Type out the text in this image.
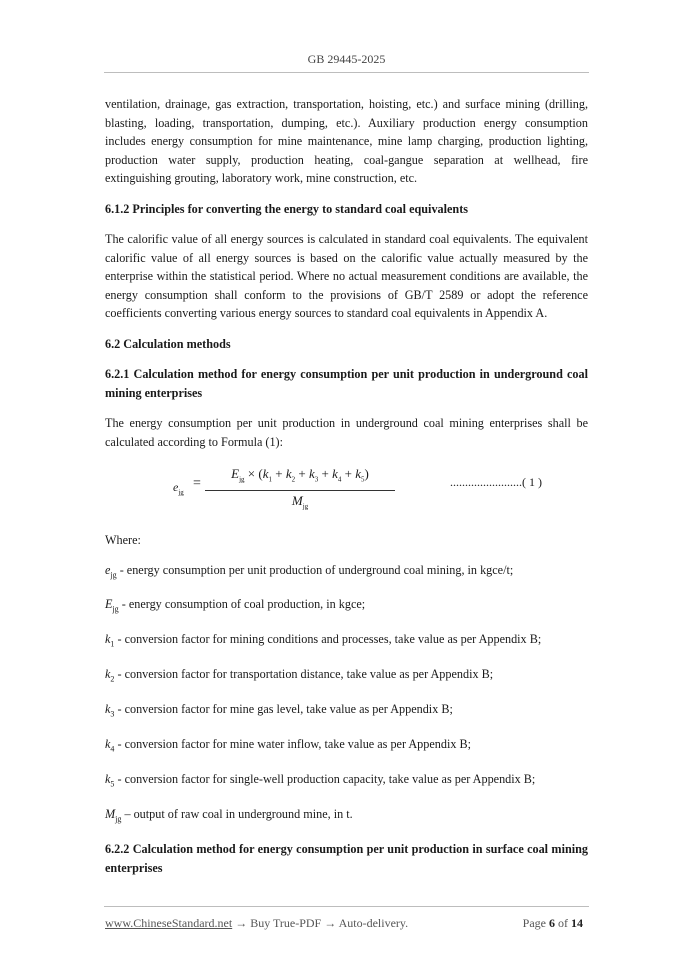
GB 29445-2025

ventilation, drainage, gas extraction, transportation, hoisting, etc.) and surface mining (drilling, blasting, loading, transportation, dumping, etc.). Auxiliary production energy consumption includes energy consumption for mine maintenance, mine lamp charging, production lighting, production water supply, production heating, coal-gangue separation at wellhead, fire extinguishing grouting, laboratory work, mine construction, etc.

6.1.2 Principles for converting the energy to standard coal equivalents

The calorific value of all energy sources is calculated in standard coal equivalents. The equivalent calorific value of all energy sources is based on the calorific value actually measured by the enterprise within the statistical period. Where no actual measurement conditions are available, the energy consumption shall conform to the provisions of GB/T 2589 or adopt the reference coefficients converting various energy sources to standard coal equivalents in Appendix A.

6.2 Calculation methods

6.2.1 Calculation method for energy consumption per unit production in underground coal mining enterprises

The energy consumption per unit production in underground coal mining enterprises shall be calculated according to Formula (1):

$e_{jg}$
=
$E_{jg} \times (k_1 + k_2 + k_3 + k_4 + k_5)$
$M_{jg}$
........................( 1 )

Where:

$e_{jg}$ - energy consumption per unit production of underground coal mining, in kgce/t;

$E_{jg}$ - energy consumption of coal production, in kgce;

$k_1$ - conversion factor for mining conditions and processes, take value as per Appendix B;

$k_2$ - conversion factor for transportation distance, take value as per Appendix B;

$k_3$ - conversion factor for mine gas level, take value as per Appendix B;

$k_4$ - conversion factor for mine water inflow, take value as per Appendix B;

$k_5$ - conversion factor for single-well production capacity, take value as per Appendix B;

$M_{jg}$ – output of raw coal in underground mine, in t.

6.2.2 Calculation method for energy consumption per unit production in surface coal mining enterprises

www.ChineseStandard.net → Buy True-PDF → Auto-delivery.	Page 6 of 14
